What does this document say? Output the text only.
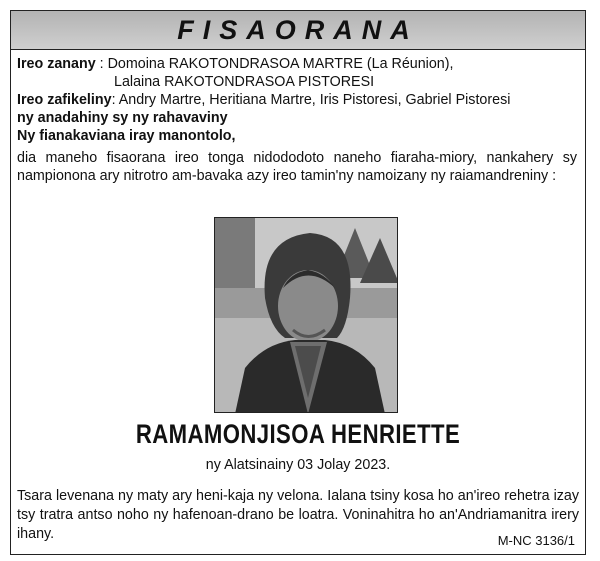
FISAORANA
Ireo zanany : Domoina RAKOTONDRASOA MARTRE (La Réunion),
Lalaina RAKOTONDRASOA PISTORESI
Ireo zafikeliny: Andry Martre, Heritiana Martre, Iris Pistoresi, Gabriel Pistoresi
ny anadahiny sy ny rahavaviny
Ny fianakaviana iray manontolo,
dia maneho fisaorana ireo tonga nidododoto naneho fiaraha-miory, nankahery sy nampionona ary nitrotro am-bavaka azy ireo tamin'ny namoizany ny raiamandreniny :
RAMAMONJISOA HENRIETTE
ny Alatsinainy 03 Jolay 2023.
Tsara levenana ny maty ary heni-kaja ny velona. Ialana tsiny kosa ho an'ireo rehetra izay tsy tratra antso noho ny hafenoan-drano be loatra. Voninahitra ho an'Andriamanitra irery ihany.	M-NC 3136/1
